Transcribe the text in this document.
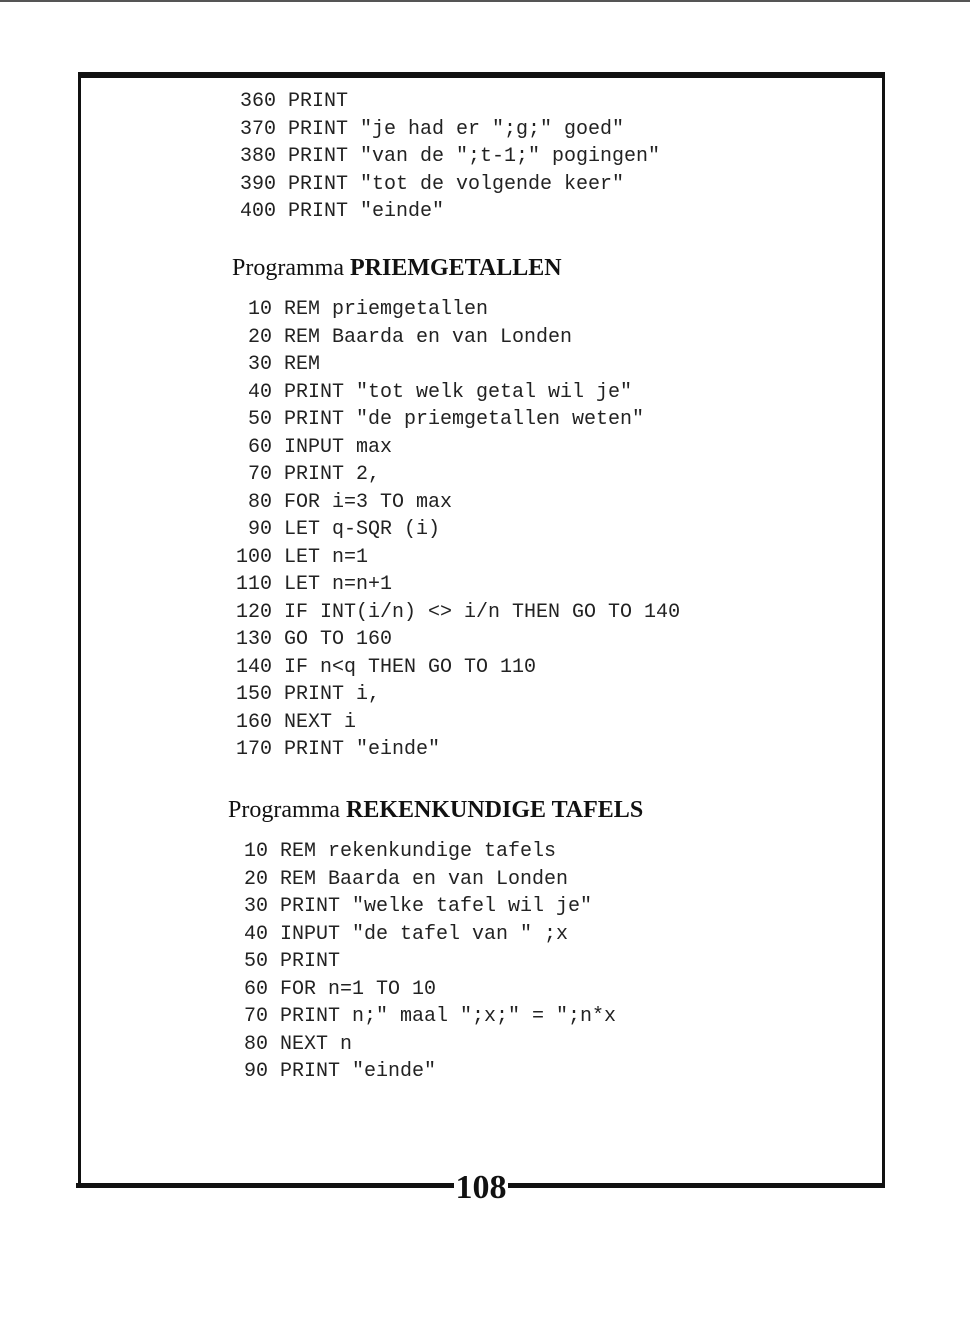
360 PRINT
370 PRINT "je had er ";g;" goed"
380 PRINT "van de ";t-1;" pogingen"
390 PRINT "tot de volgende keer"
400 PRINT "einde"
Programma PRIEMGETALLEN
10 REM priemgetallen
20 REM Baarda en van Londen
30 REM
40 PRINT "tot welk getal wil je"
50 PRINT "de priemgetallen weten"
60 INPUT max
70 PRINT 2,
80 FOR i=3 TO max
90 LET q-SQR (i)
100 LET n=1
110 LET n=n+1
120 IF INT(i/n) <> i/n THEN GO TO 140
130 GO TO 160
140 IF n<q THEN GO TO 110
150 PRINT i,
160 NEXT i
170 PRINT "einde"
Programma REKENKUNDIGE TAFELS
10 REM rekenkundige tafels
20 REM Baarda en van Londen
30 PRINT "welke tafel wil je"
40 INPUT "de tafel van " ;x
50 PRINT
60 FOR n=1 TO 10
70 PRINT n;" maal ";x;" = ";n*x
80 NEXT n
90 PRINT "einde"
108
